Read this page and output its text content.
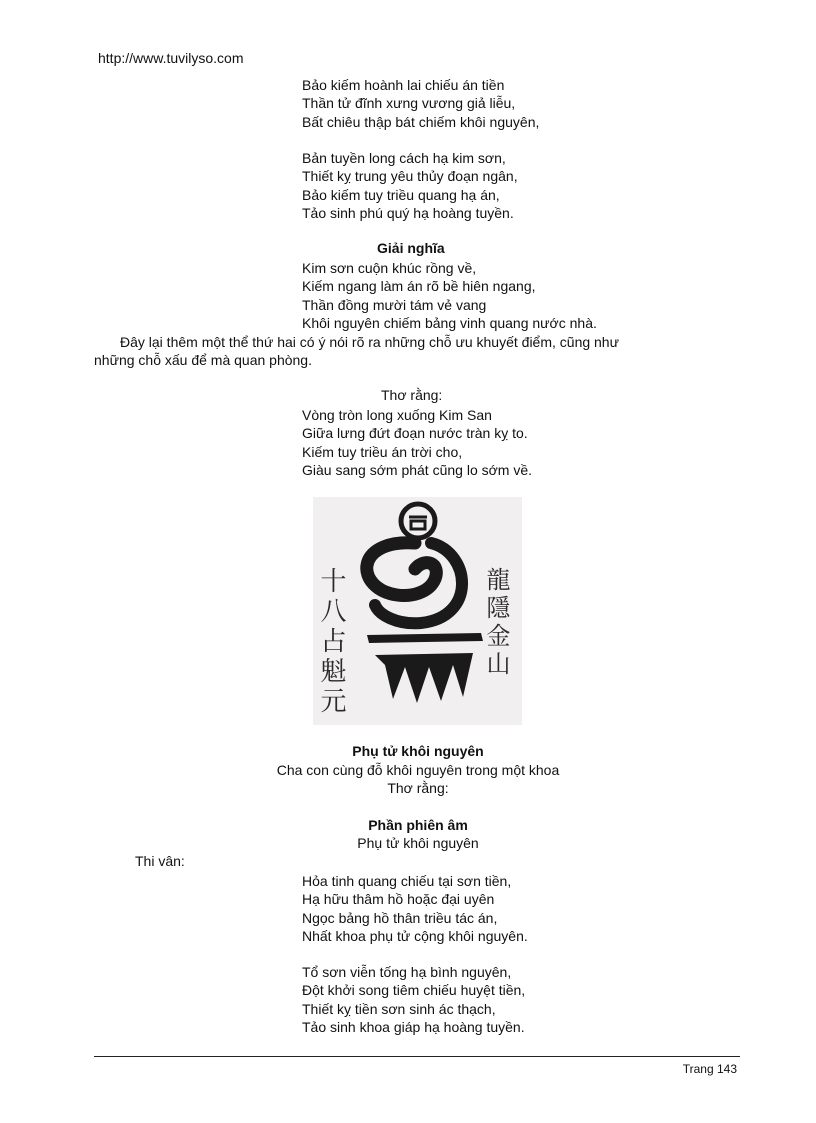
http://www.tuvilyso.com
Bảo kiếm hoành lai chiếu án tiền
Thần tử đĩnh xưng vương giả liễu,
Bất chiêu thập bát chiếm khôi nguyên,
Bản tuyền long cách hạ kim sơn,
Thiết kỵ trung yêu thủy đoạn ngân,
Bảo kiếm tuy triều quang hạ án,
Tảo sinh phú quý hạ hoàng tuyền.
Giải nghĩa
Kim sơn cuộn khúc rồng về,
Kiếm ngang làm án rõ bề hiên ngang,
Thần đồng mười tám vẻ vang
Khôi nguyên chiếm bảng vinh quang nước nhà.
Đây lại thêm một thể thứ hai có ý nói rõ ra những chỗ ưu khuyết điểm, cũng như
những chỗ xấu để mà quan phòng.
Thơ rằng:
Vòng tròn long xuống Kim San
Giữa lưng đứt đoạn nước tràn kỵ to.
Kiếm tuy triều án trời cho,
Giàu sang sớm phát cũng lo sớm về.
十八占魁元	龍隱金山
Phụ tử khôi nguyên
Cha con cùng đỗ khôi nguyên trong một khoa
Thơ rằng:
Phần phiên âm
Phụ tử khôi nguyên
Thi vân:
Hỏa tinh quang chiếu tại sơn tiền,
Hạ hữu thâm hồ hoặc đại uyên
Ngọc bảng hồ thân triều tác án,
Nhất khoa phụ tử cộng khôi nguyên.
Tổ sơn viễn tống hạ bình nguyên,
Đột khởi song tiêm chiếu huyệt tiền,
Thiết kỵ tiền sơn sinh ác thạch,
Tảo sinh khoa giáp hạ hoàng tuyền.
Trang 143
